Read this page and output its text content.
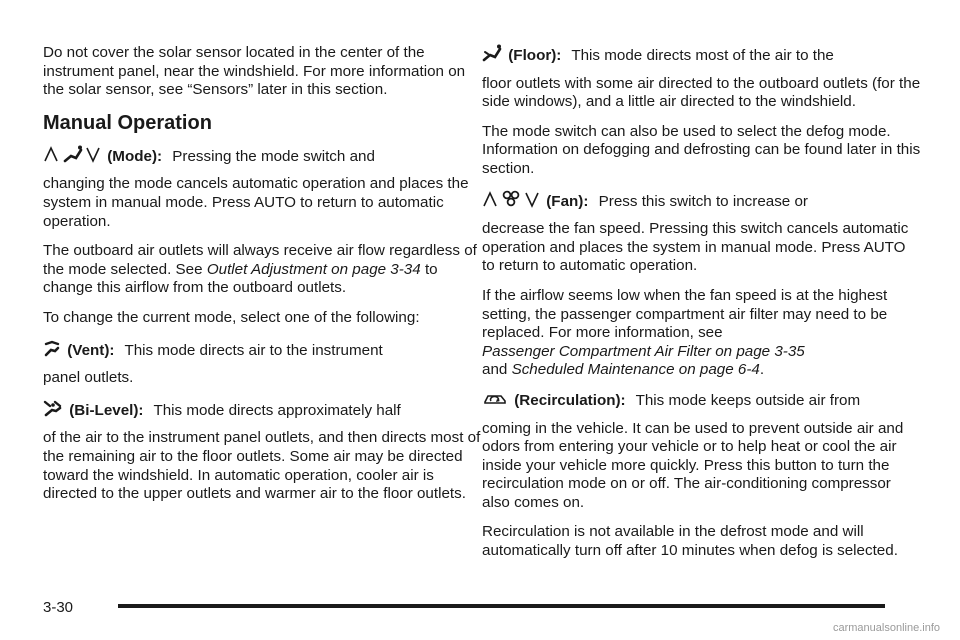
Do not cover the solar sensor located in the center of the instrument panel, near the windshield. For more information on the solar sensor, see “Sensors” later in this section.

Manual Operation

(Mode): Pressing the mode switch and

changing the mode cancels automatic operation and places the system in manual mode. Press AUTO to return to automatic operation.

The outboard air outlets will always receive air flow regardless of the mode selected. See Outlet Adjustment on page 3-34 to change this airflow from the outboard outlets.

To change the current mode, select one of the following:

(Vent): This mode directs air to the instrument

panel outlets.

(Bi-Level): This mode directs approximately half

of the air to the instrument panel outlets, and then directs most of the remaining air to the floor outlets. Some air may be directed toward the windshield. In automatic operation, cooler air is directed to the upper outlets and warmer air to the floor outlets.

(Floor): This mode directs most of the air to the

floor outlets with some air directed to the outboard outlets (for the side windows), and a little air directed to the windshield.

The mode switch can also be used to select the defog mode. Information on defogging and defrosting can be found later in this section.

(Fan): Press this switch to increase or

decrease the fan speed. Pressing this switch cancels automatic operation and places the system in manual mode. Press AUTO to return to automatic operation.

If the airflow seems low when the fan speed is at the highest setting, the passenger compartment air filter may need to be replaced. For more information, see
Passenger Compartment Air Filter on page 3-35
and Scheduled Maintenance on page 6-4.

(Recirculation): This mode keeps outside air from

coming in the vehicle. It can be used to prevent outside air and odors from entering your vehicle or to help heat or cool the air inside your vehicle more quickly. Press this button to turn the recirculation mode on or off. The air-conditioning compressor also comes on.

Recirculation is not available in the defrost mode and will automatically turn off after 10 minutes when defog is selected.

3-30
carmanualsonline.info
